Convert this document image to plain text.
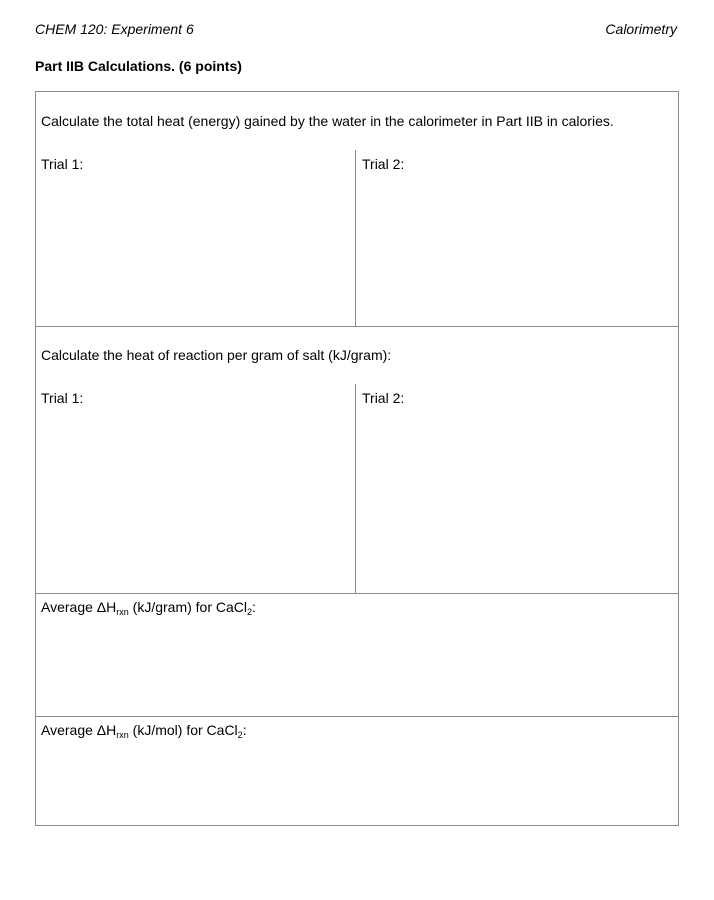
CHEM 120: Experiment 6	Calorimetry
Part IIB Calculations. (6 points)
Calculate the total heat (energy) gained by the water in the calorimeter in Part IIB in calories.
Trial 1:	Trial 2:
Calculate the heat of reaction per gram of salt (kJ/gram):
Trial 1:	Trial 2:
Average $\Delta H_{rxn}$ (kJ/gram) for CaCl$_2$:
Average $\Delta H_{rxn}$ (kJ/mol) for CaCl$_2$:
